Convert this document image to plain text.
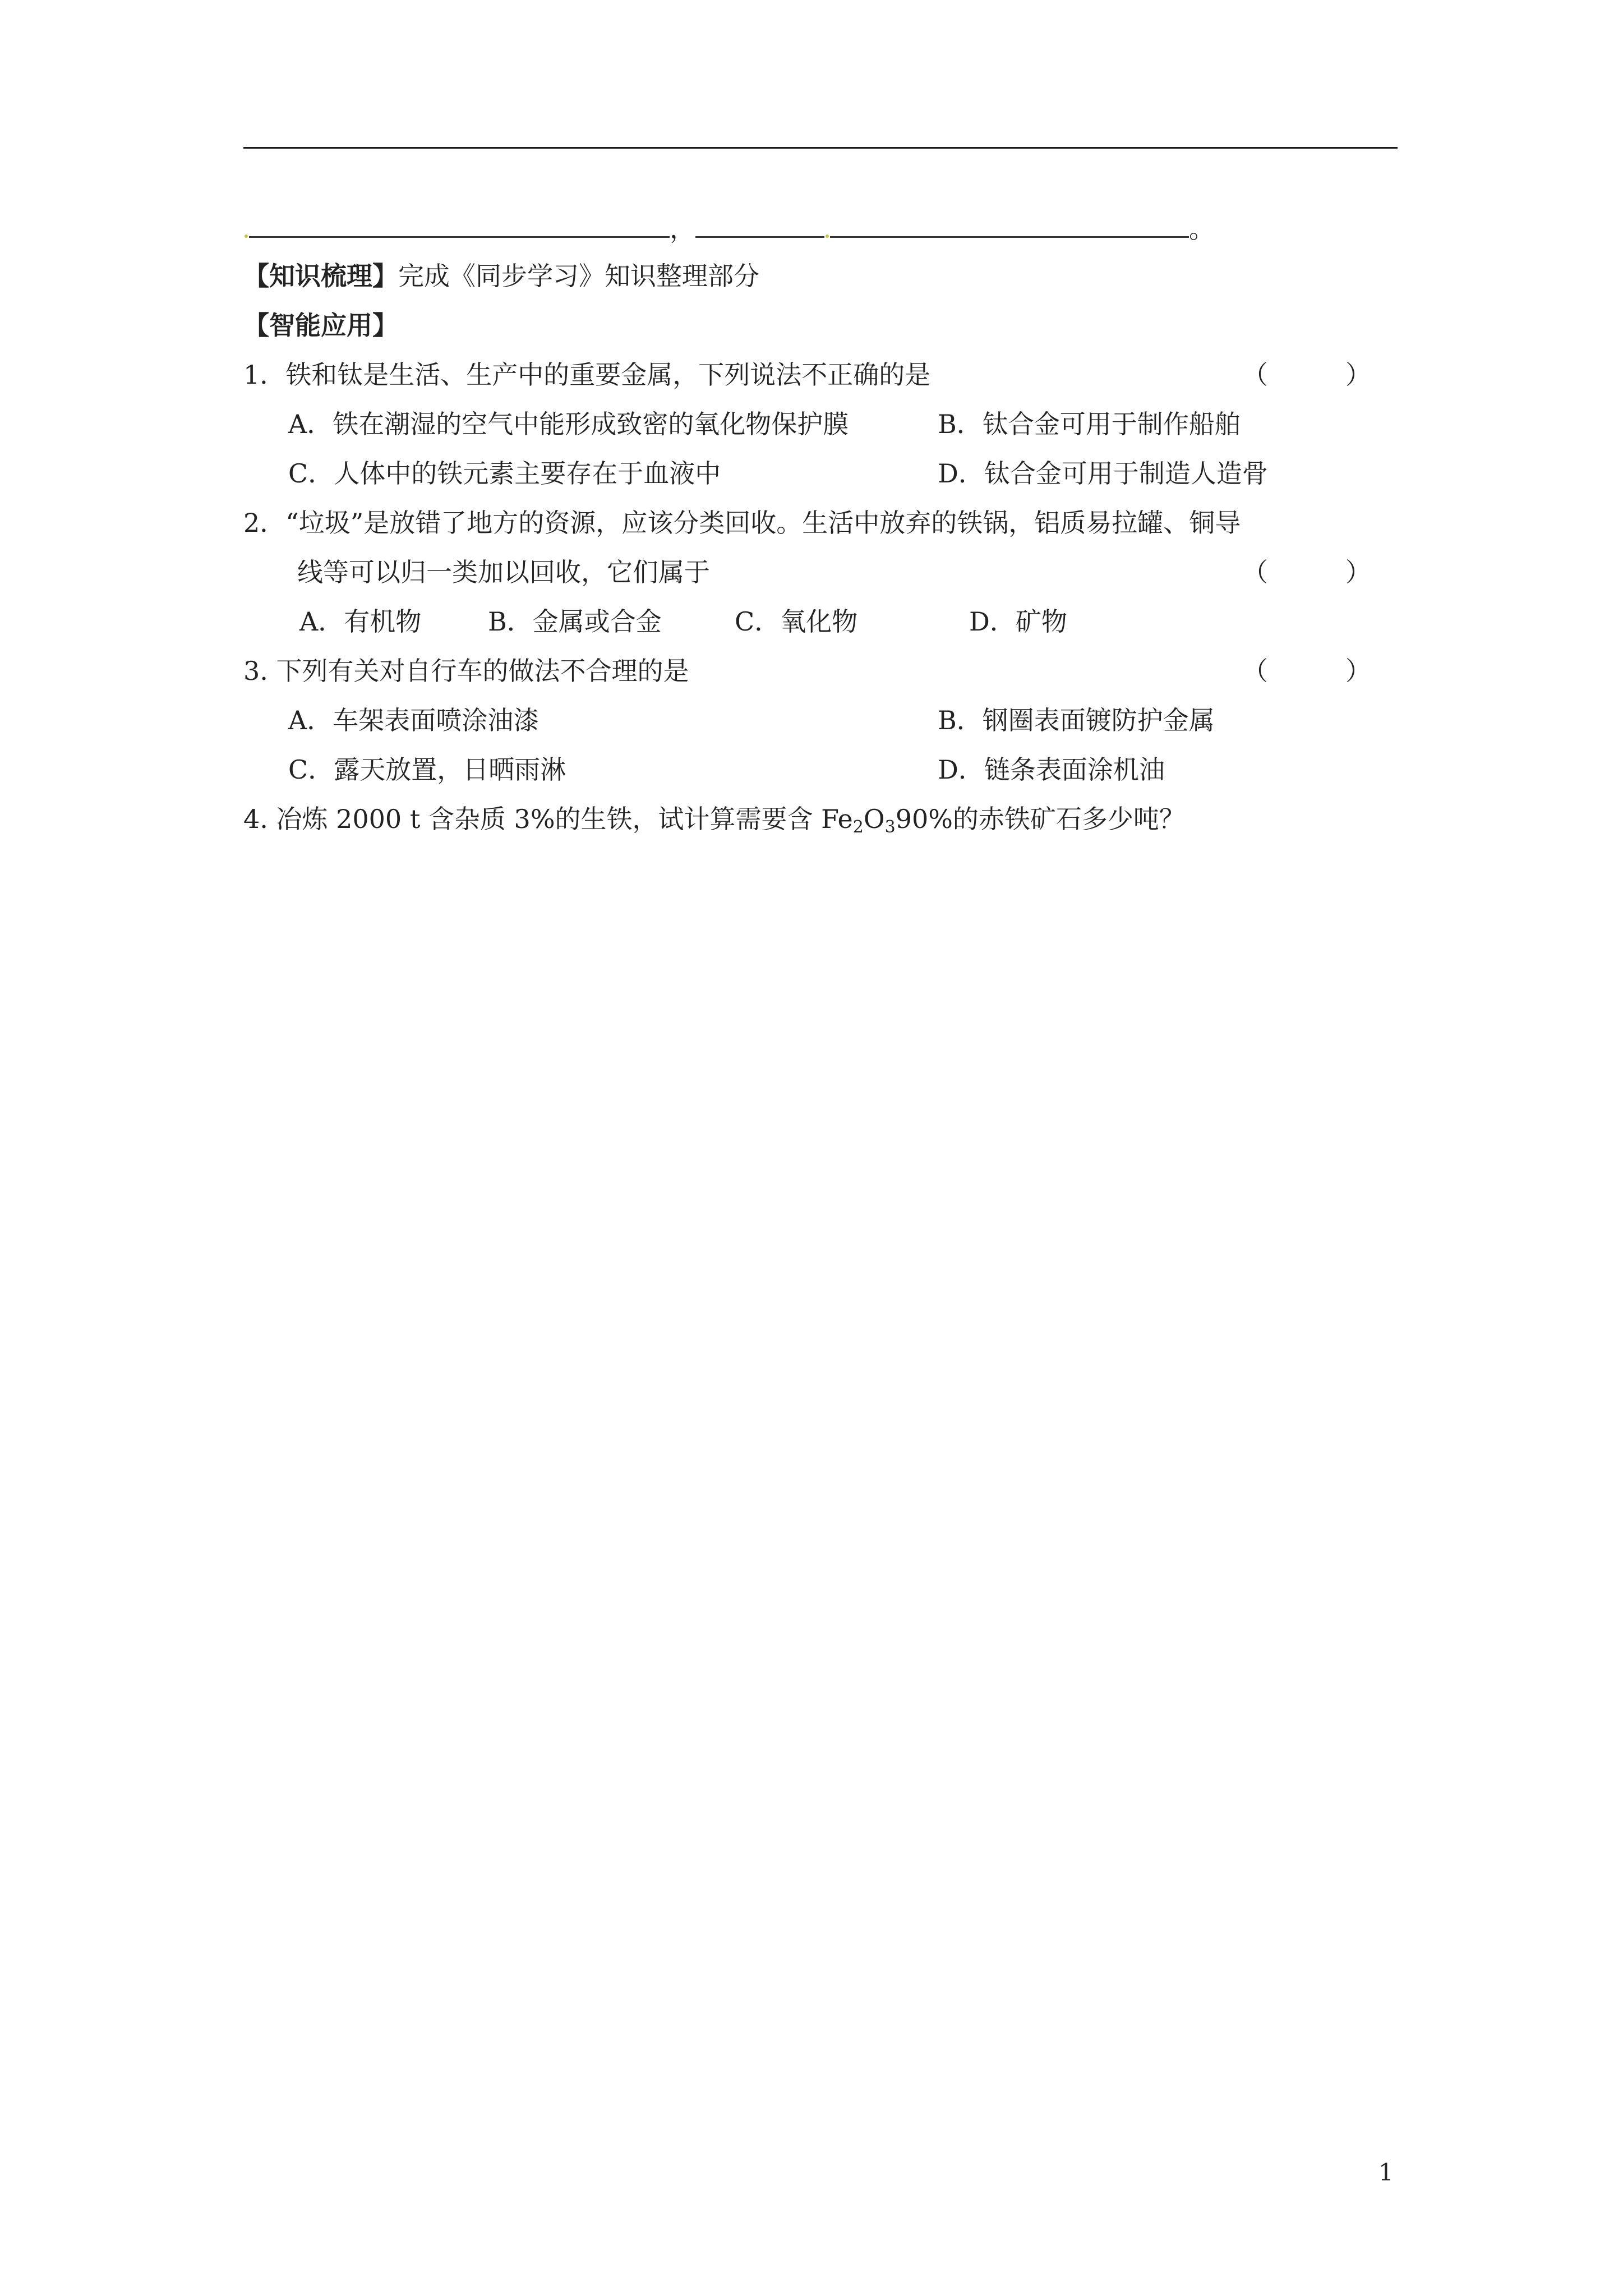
，	。
【知识梳理】完成《同步学习》知识整理部分
【智能应用】
1．铁和钛是生活、生产中的重要金属，下列说法不正确的是	（　　　）
A．铁在潮湿的空气中能形成致密的氧化物保护膜	B．钛合金可用于制作船舶
C．人体中的铁元素主要存在于血液中	D．钛合金可用于制造人造骨
2．“垃圾”是放错了地方的资源，应该分类回收。生活中放弃的铁锅，铝质易拉罐、铜导
线等可以归一类加以回收，它们属于	（　　　）
A．有机物	B．金属或合金	C．氧化物	D．矿物
3. 下列有关对自行车的做法不合理的是	（　　　）
A．车架表面喷涂油漆	B．钢圈表面镀防护金属
C．露天放置，日晒雨淋	D．链条表面涂机油
4. 冶炼 2000 t 含杂质 3%的生铁，试计算需要含 $Fe_2O_390\%$的赤铁矿石多少吨？
1
